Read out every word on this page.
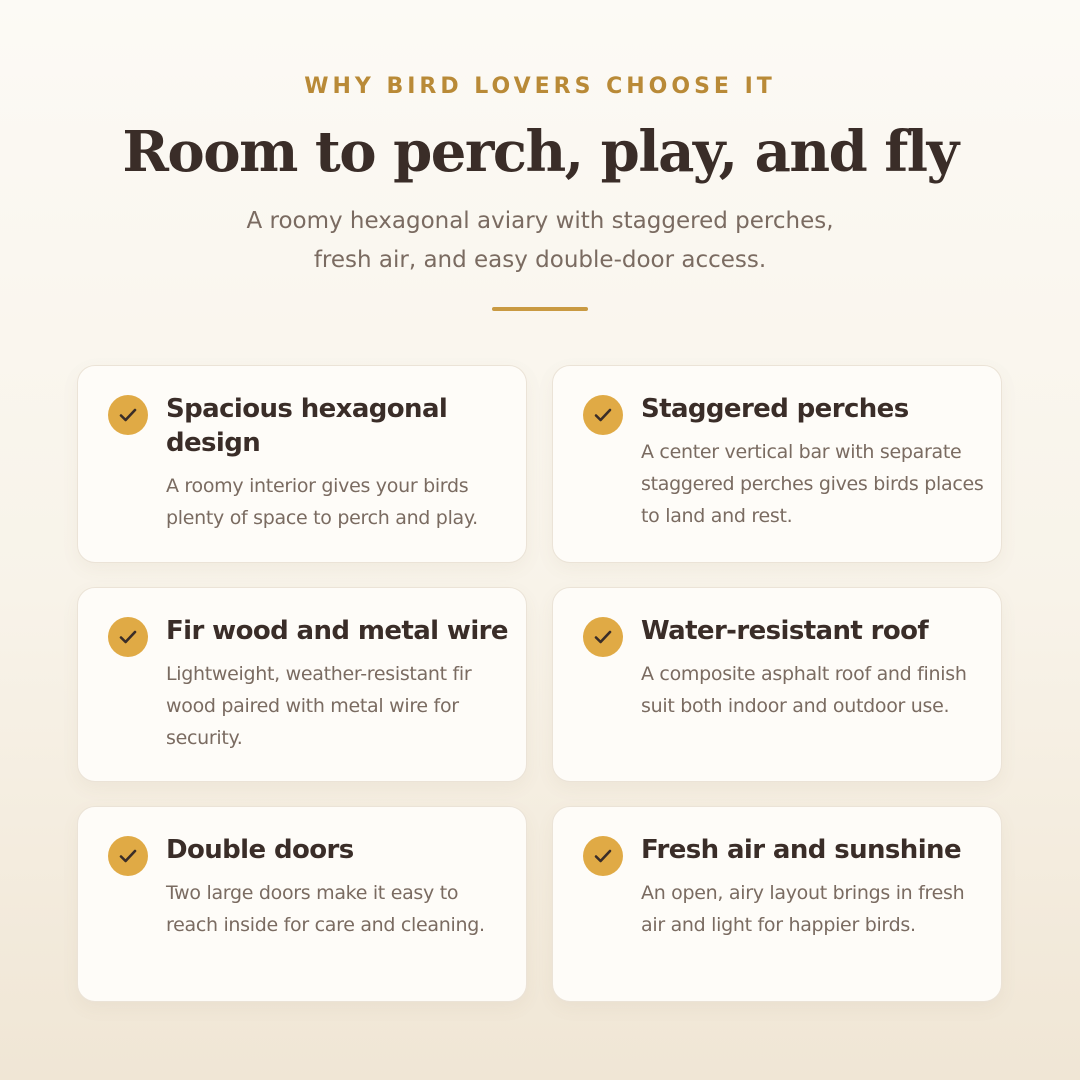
WHY BIRD LOVERS CHOOSE IT
Room to perch, play, and fly

A roomy hexagonal aviary with staggered perches, fresh air, and easy double-door access.

Spacious hexagonal design

A roomy interior gives your birds plenty of space to perch and play.

Staggered perches

A center vertical bar with separate staggered perches gives birds places to land and rest.

Fir wood and metal wire

Lightweight, weather-resistant fir wood paired with metal wire for security.

Water-resistant roof

A composite asphalt roof and finish suit both indoor and outdoor use.

Double doors

Two large doors make it easy to reach inside for care and cleaning.

Fresh air and sunshine

An open, airy layout brings in fresh air and light for happier birds.
